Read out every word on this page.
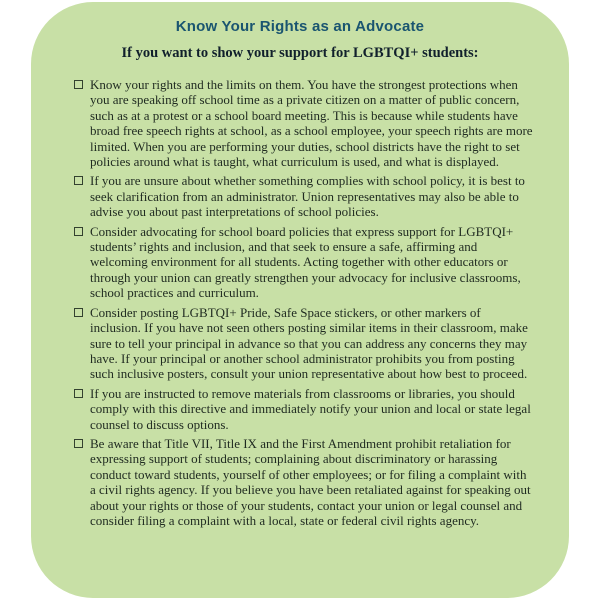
Know Your Rights as an Advocate
If you want to show your support for LGBTQI+ students:
Know your rights and the limits on them. You have the strongest protections when you are speaking off school time as a private citizen on a matter of public concern, such as at a protest or a school board meeting. This is because while students have broad free speech rights at school, as a school employee, your speech rights are more limited. When you are performing your duties, school districts have the right to set policies around what is taught, what curriculum is used, and what is displayed.
If you are unsure about whether something complies with school policy, it is best to seek clarification from an administrator. Union representatives may also be able to advise you about past interpretations of school policies.
Consider advocating for school board policies that express support for LGBTQI+ students’ rights and inclusion, and that seek to ensure a safe, affirming and welcoming environment for all students. Acting together with other educators or through your union can greatly strengthen your advocacy for inclusive classrooms, school practices and curriculum.
Consider posting LGBTQI+ Pride, Safe Space stickers, or other markers of inclusion. If you have not seen others posting similar items in their classroom, make sure to tell your principal in advance so that you can address any concerns they may have. If your principal or another school administrator prohibits you from posting such inclusive posters, consult your union representative about how best to proceed.
If you are instructed to remove materials from classrooms or libraries, you should comply with this directive and immediately notify your union and local or state legal counsel to discuss options.
Be aware that Title VII, Title IX and the First Amendment prohibit retaliation for expressing support of students; complaining about discriminatory or harassing conduct toward students, yourself of other employees; or for filing a complaint with a civil rights agency. If you believe you have been retaliated against for speaking out about your rights or those of your students, contact your union or legal counsel and consider filing a complaint with a local, state or federal civil rights agency.
